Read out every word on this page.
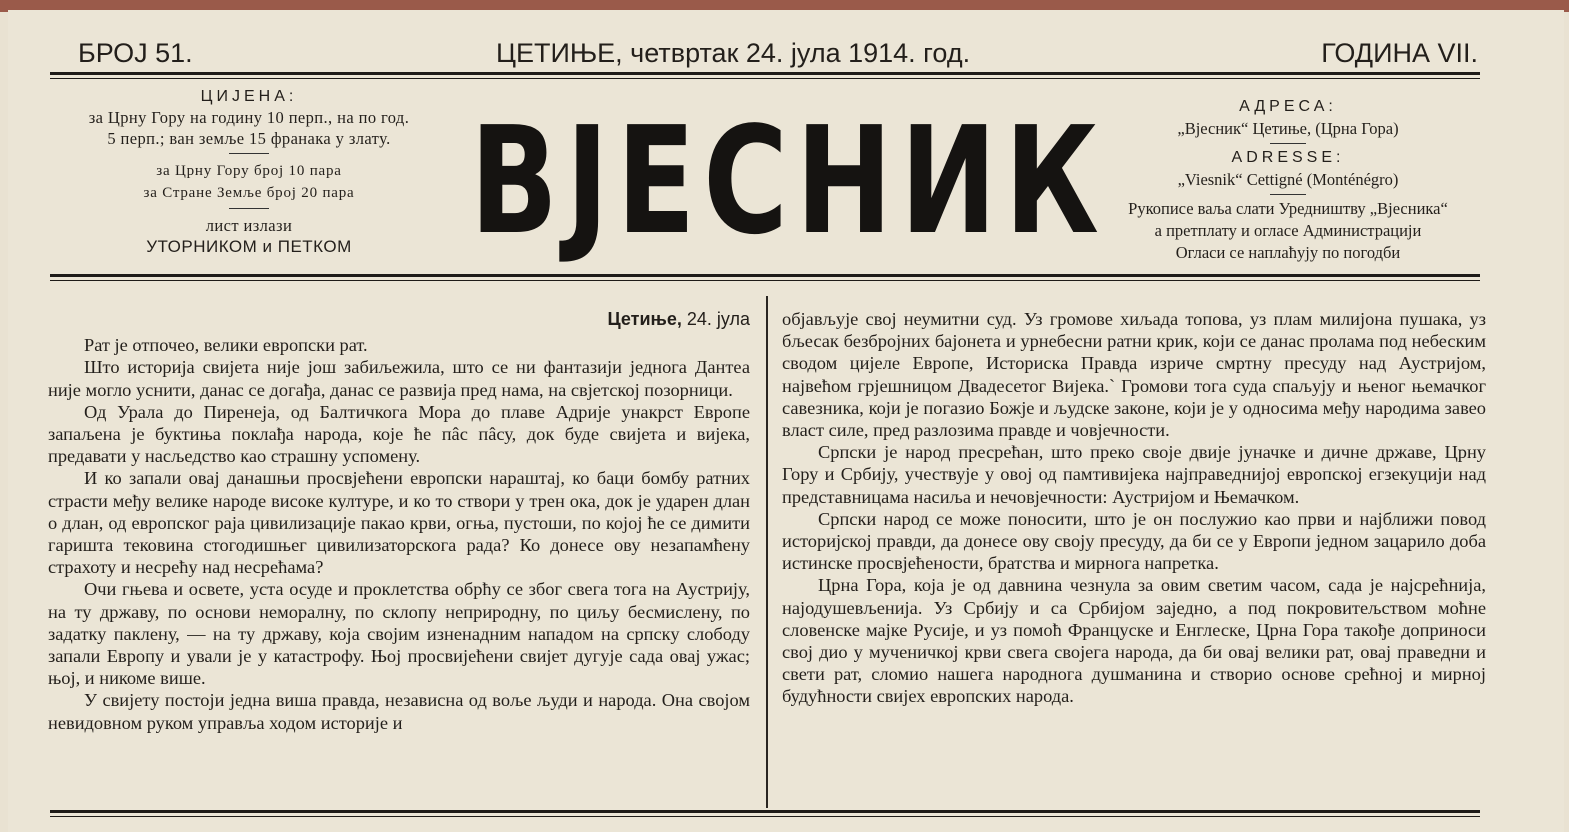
БРОЈ 51.	ЦЕТИЊЕ, четвртак 24. јула 1914. год.	ГОДИНА VII.
ЦИЈЕНА:
за Црну Гору на годину 10 перп., на по год.
5 перп.; ван земље 15 франака у злату.
за Црну Гору број 10 пара
за Стране Земље број 20 пара
лист излази
УТОРНИКОМ и ПЕТКОМ ВЈЕСНИК	АДРЕСА:
„Вјесник“ Цетиње, (Црна Гора)
ADRESSE:
„Viesnik“ Cettigné (Monténégro)
Рукописе ваља слати Уредништву „Вјесника“
а претплату и огласе Администрацији
Огласи се наплаћују по погодби
Цетиње, 24. јула

Рат је отпочео, велики европски рат.

Што историја свијета није још забиљежила, што се ни фантазији једнога Дантеа није могло уснити, данас се догађа, данас се развија пред нама, на свјетској позорници.

Од Урала до Пиренеја, од Балтичкога Мора до плаве Адрије унакрст Европе запаљена је буктиња поклађа народа, које ће пâс пâсу, док буде свијета и вијека, предавати у насљедство као страшну успомену.

И ко запали овај данашњи просвјећени европски нараштај, ко баци бомбу ратних страсти међу велике народе високе културе, и ко то створи у трен ока, док је ударен длан о длан, од европског раја цивилизације пакао крви, огња, пустоши, по којој ће се димити гаришта тековина стогодишњег цивилизаторскога рада? Ко донесе ову незапамћену страхоту и несрећу над несрећама?

Очи гњева и освете, уста осуде и проклетства обрћу се због свега тога на Аустрију, на ту државу, по основи неморалну, по склопу неприродну, по циљу бесмислену, по задатку паклену, — на ту државу, која својим изненадним нападом на српску слободу запали Европу и ували је у катастрофу. Њој просвијећени свијет дугује сада овај ужас; њој, и никоме више.

У свијету постоји једна виша правда, независна од воље људи и народа. Она својом невидовном руком управља ходом историје и

објављује свој неумитни суд. Уз громове хиљада топова, уз плам милијона пушака, уз бљесак безбројних бајонета и урнебесни ратни крик, који се данас пролама под небеским сводом цијеле Европе, Историска Правда изриче смртну пресуду над Аустријом, највећом грјешницом Двадесетог Вијека.` Громови тога суда спаљују и њеног њемачког савезника, који је погазио Божје и људске законе, који је у односима међу народима завео власт силе, пред разлозима правде и човјечности.

Српски је народ пресрећан, што преко своје двије јуначке и дичне државе, Црну Гору и Србију, учествује у овој од памтивијека најправеднијој европској егзекуцији над представницама насиља и нечовјечности: Аустријом и Њемачком.

Српски народ се може поносити, што је он послужио као први и најближи повод историјској правди, да донесе ову своју пресуду, да би се у Европи једном зацарило доба истинске просвјећености, братства и мирнога напретка.

Црна Гора, која је од давнина чезнула за овим светим часом, сада је најсрећнија, најодушевљенија. Уз Србију и са Србијом заједно, а под покровитељством моћне словенске мајке Русије, и уз помоћ Француске и Енглеске, Црна Гора такође доприноси свој дио у мученичкој крви свега својега народа, да би овај велики рат, овај праведни и свети рат, сломио нашега народнога душманина и створио основе срећној и мирној будућности свијех европских народа.
